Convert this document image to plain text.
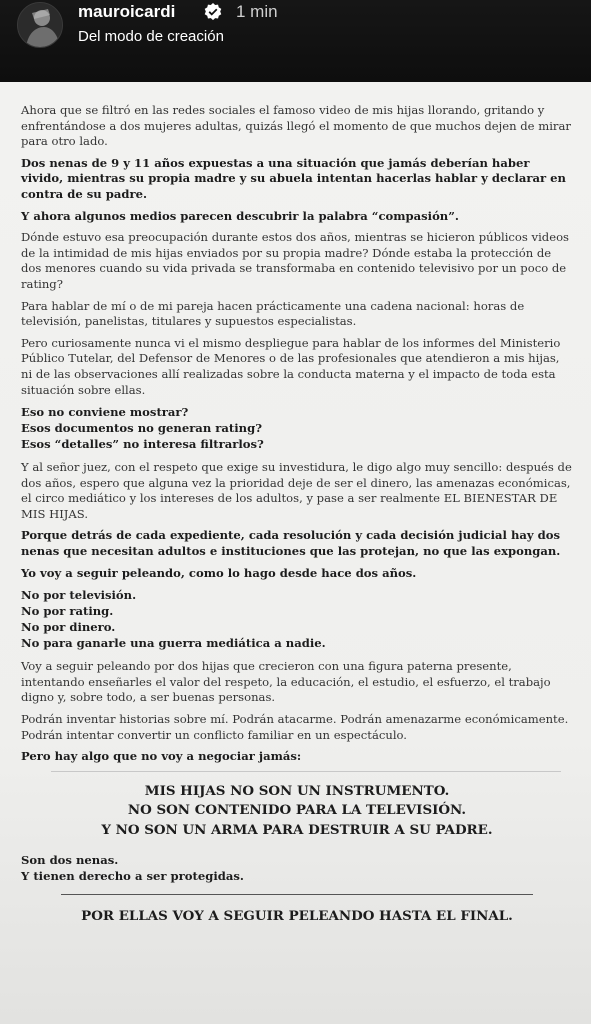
mauroicardi	1 min
Del modo de creación

Ahora que se filtró en las redes sociales el famoso video de mis hijas llorando, gritando y enfrentándose a dos mujeres adultas, quizás llegó el momento de que muchos dejen de mirar para otro lado.

Dos nenas de 9 y 11 años expuestas a una situación que jamás deberían haber vivido, mientras su propia madre y su abuela intentan hacerlas hablar y declarar en contra de su padre.

Y ahora algunos medios parecen descubrir la palabra “compasión”.

Dónde estuvo esa preocupación durante estos dos años, mientras se hicieron públicos videos de la intimidad de mis hijas enviados por su propia madre? Dónde estaba la protección de dos menores cuando su vida privada se transformaba en contenido televisivo por un poco de rating?

Para hablar de mí o de mi pareja hacen prácticamente una cadena nacional: horas de televisión, panelistas, titulares y supuestos especialistas.

Pero curiosamente nunca vi el mismo despliegue para hablar de los informes del Ministerio Público Tutelar, del Defensor de Menores o de las profesionales que atendieron a mis hijas, ni de las observaciones allí realizadas sobre la conducta materna y el impacto de toda esta situación sobre ellas.

Eso no conviene mostrar?
Esos documentos no generan rating?
Esos “detalles” no interesa filtrarlos?

Y al señor juez, con el respeto que exige su investidura, le digo algo muy sencillo: después de dos años, espero que alguna vez la prioridad deje de ser el dinero, las amenazas económicas, el circo mediático y los intereses de los adultos, y pase a ser realmente EL BIENESTAR DE MIS HIJAS.

Porque detrás de cada expediente, cada resolución y cada decisión judicial hay dos nenas que necesitan adultos e instituciones que las protejan, no que las expongan.

Yo voy a seguir peleando, como lo hago desde hace dos años.

No por televisión.
No por rating.
No por dinero.
No para ganarle una guerra mediática a nadie.

Voy a seguir peleando por dos hijas que crecieron con una figura paterna presente, intentando enseñarles el valor del respeto, la educación, el estudio, el esfuerzo, el trabajo digno y, sobre todo, a ser buenas personas.

Podrán inventar historias sobre mí. Podrán atacarme. Podrán amenazarme económicamente. Podrán intentar convertir un conflicto familiar en un espectáculo.

Pero hay algo que no voy a negociar jamás:

MIS HIJAS NO SON UN INSTRUMENTO.
NO SON CONTENIDO PARA LA TELEVISIÓN.
Y NO SON UN ARMA PARA DESTRUIR A SU PADRE.
Son dos nenas.
Y tienen derecho a ser protegidas.
POR ELLAS VOY A SEGUIR PELEANDO HASTA EL FINAL.
